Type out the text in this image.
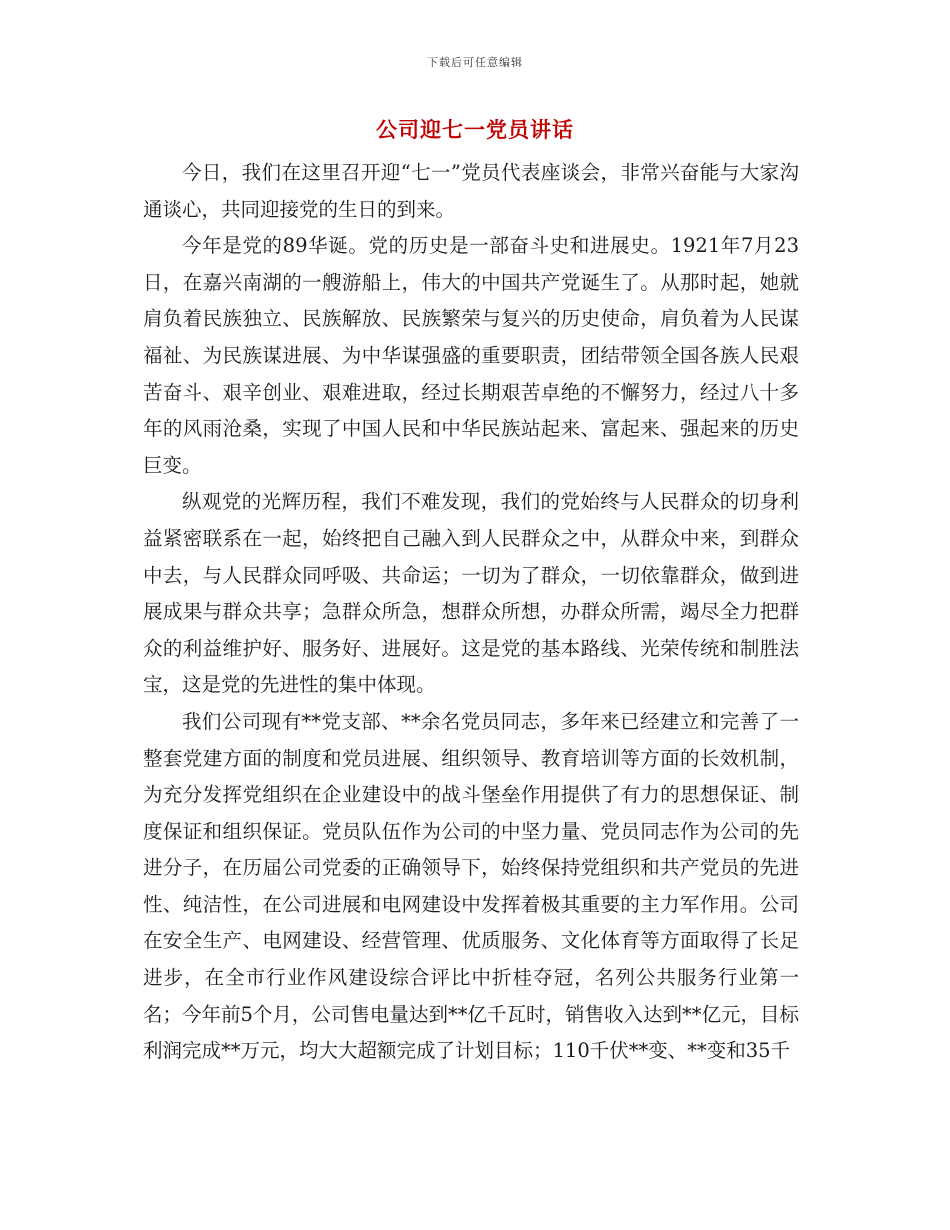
下载后可任意编辑
公司迎七一党员讲话

今日，我们在这里召开迎“七一”党员代表座谈会，非常兴奋能与大家沟通谈心，共同迎接党的生日的到来。

今年是党的89华诞。党的历史是一部奋斗史和进展史。1921年7月23日，在嘉兴南湖的一艘游船上，伟大的中国共产党诞生了。从那时起，她就肩负着民族独立、民族解放、民族繁荣与复兴的历史使命，肩负着为人民谋福祉、为民族谋进展、为中华谋强盛的重要职责，团结带领全国各族人民艰苦奋斗、艰辛创业、艰难进取，经过长期艰苦卓绝的不懈努力，经过八十多年的风雨沧桑，实现了中国人民和中华民族站起来、富起来、强起来的历史巨变。

纵观党的光辉历程，我们不难发现，我们的党始终与人民群众的切身利益紧密联系在一起，始终把自己融入到人民群众之中，从群众中来，到群众中去，与人民群众同呼吸、共命运；一切为了群众，一切依靠群众，做到进展成果与群众共享；急群众所急，想群众所想，办群众所需，竭尽全力把群众的利益维护好、服务好、进展好。这是党的基本路线、光荣传统和制胜法宝，这是党的先进性的集中体现。

我们公司现有**党支部、**余名党员同志，多年来已经建立和完善了一整套党建方面的制度和党员进展、组织领导、教育培训等方面的长效机制，为充分发挥党组织在企业建设中的战斗堡垒作用提供了有力的思想保证、制度保证和组织保证。党员队伍作为公司的中坚力量、党员同志作为公司的先进分子，在历届公司党委的正确领导下，始终保持党组织和共产党员的先进性、纯洁性，在公司进展和电网建设中发挥着极其重要的主力军作用。公司在安全生产、电网建设、经营管理、优质服务、文化体育等方面取得了长足进步，在全市行业作风建设综合评比中折桂夺冠，名列公共服务行业第一名；今年前5个月，公司售电量达到**亿千瓦时，销售收入达到**亿元，目标利润完成**万元，均大大超额完成了计划目标；110千伏**变、**变和35千
